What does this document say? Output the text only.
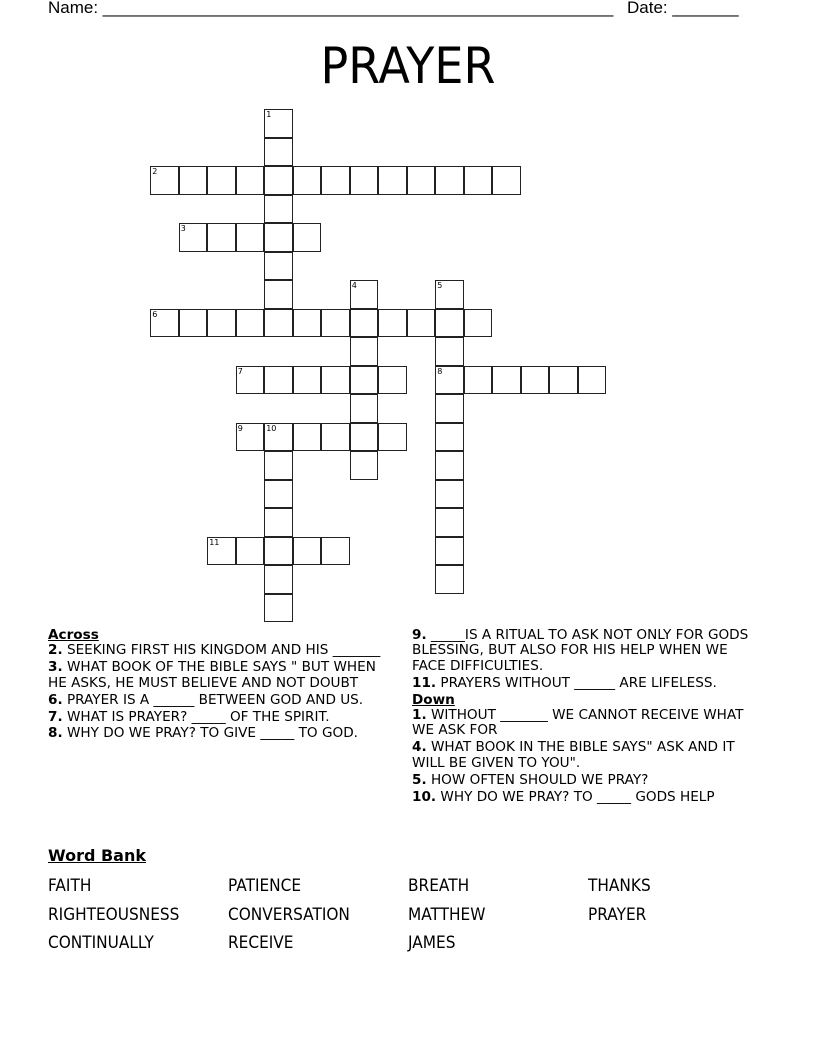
Name: ______________________________________________________ Date: _______
PRAYER
1
2
3
4	5
8
6
7
9	10
11
Across
2. SEEKING FIRST HIS KINGDOM AND HIS _______
3. WHAT BOOK OF THE BIBLE SAYS " BUT WHEN HE ASKS, HE MUST BELIEVE AND NOT DOUBT
6. PRAYER IS A ______ BETWEEN GOD AND US.
7. WHAT IS PRAYER? _____ OF THE SPIRIT.
8. WHY DO WE PRAY? TO GIVE _____ TO GOD.
9. _____IS A RITUAL TO ASK NOT ONLY FOR GODS BLESSING, BUT ALSO FOR HIS HELP WHEN WE FACE DIFFICULTIES.
11. PRAYERS WITHOUT ______ ARE LIFELESS.
Down
1. WITHOUT _______ WE CANNOT RECEIVE WHAT WE ASK FOR
4. WHAT BOOK IN THE BIBLE SAYS" ASK AND IT WILL BE GIVEN TO YOU".
5. HOW OFTEN SHOULD WE PRAY?
10. WHY DO WE PRAY? TO _____ GODS HELP
Word Bank
FAITH	PATIENCE	BREATH	THANKS
RIGHTEOUSNESS	CONVERSATION	MATTHEW	PRAYER
CONTINUALLY	RECEIVE	JAMES
